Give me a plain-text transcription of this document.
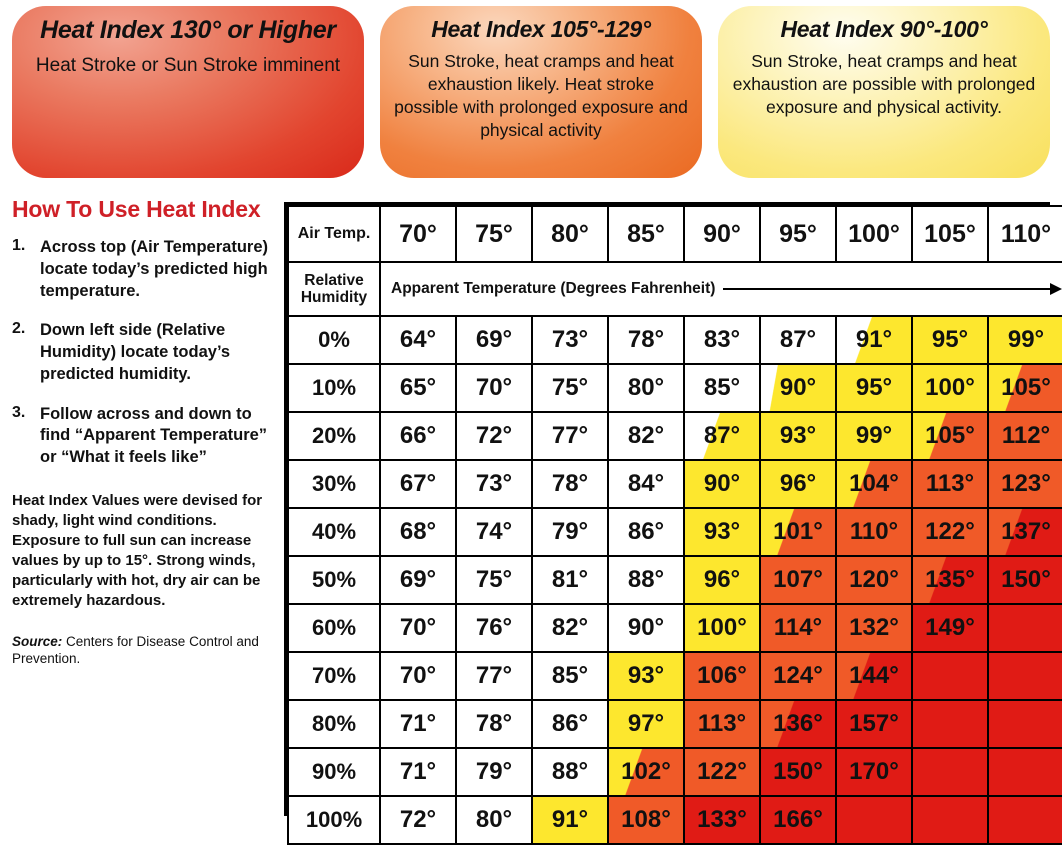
Heat Index 130° or Higher
Heat Stroke or Sun Stroke imminent
Heat Index 105°-129°
Sun Stroke, heat cramps and heat exhaustion likely. Heat stroke possible with prolonged exposure and physical activity
Heat Index 90°-100°
Sun Stroke, heat cramps and heat exhaustion are possible with prolonged exposure and physical activity.
How To Use Heat Index
1. Across top (Air Temperature) locate today’s predicted high temperature.
2. Down left side (Relative Humidity) locate today’s predicted humidity.
3. Follow across and down to find “Apparent Temperature” or “What it feels like”
Heat Index Values were devised for shady, light wind conditions. Exposure to full sun can increase values by up to 15°. Strong winds, particularly with hot, dry air can be extremely hazardous.
Source: Centers for Disease Control and Prevention.
Air Temp.	70°	75°	80°	85°	90°	95°	100°	105°	110°
Relative Humidity	Apparent Temperature (Degrees Fahrenheit)								

0%	64°	69°	73°	78°	83°	87°	91°	95°	99°
10%	65°	70°	75°	80°	85°	90°	95°	100°	105°
20%	66°	72°	77°	82°	87°	93°	99°	105°	112°
30%	67°	73°	78°	84°	90°	96°	104°	113°	123°
40%	68°	74°	79°	86°	93°	101°	110°	122°	137°
50%	69°	75°	81°	88°	96°	107°	120°	135°	150°
60%	70°	76°	82°	90°	100°	114°	132°	149°	
70%	70°	77°	85°	93°	106°	124°	144°		
80%	71°	78°	86°	97°	113°	136°	157°		
90%	71°	79°	88°	102°	122°	150°	170°		
100%	72°	80°	91°	108°	133°	166°			
